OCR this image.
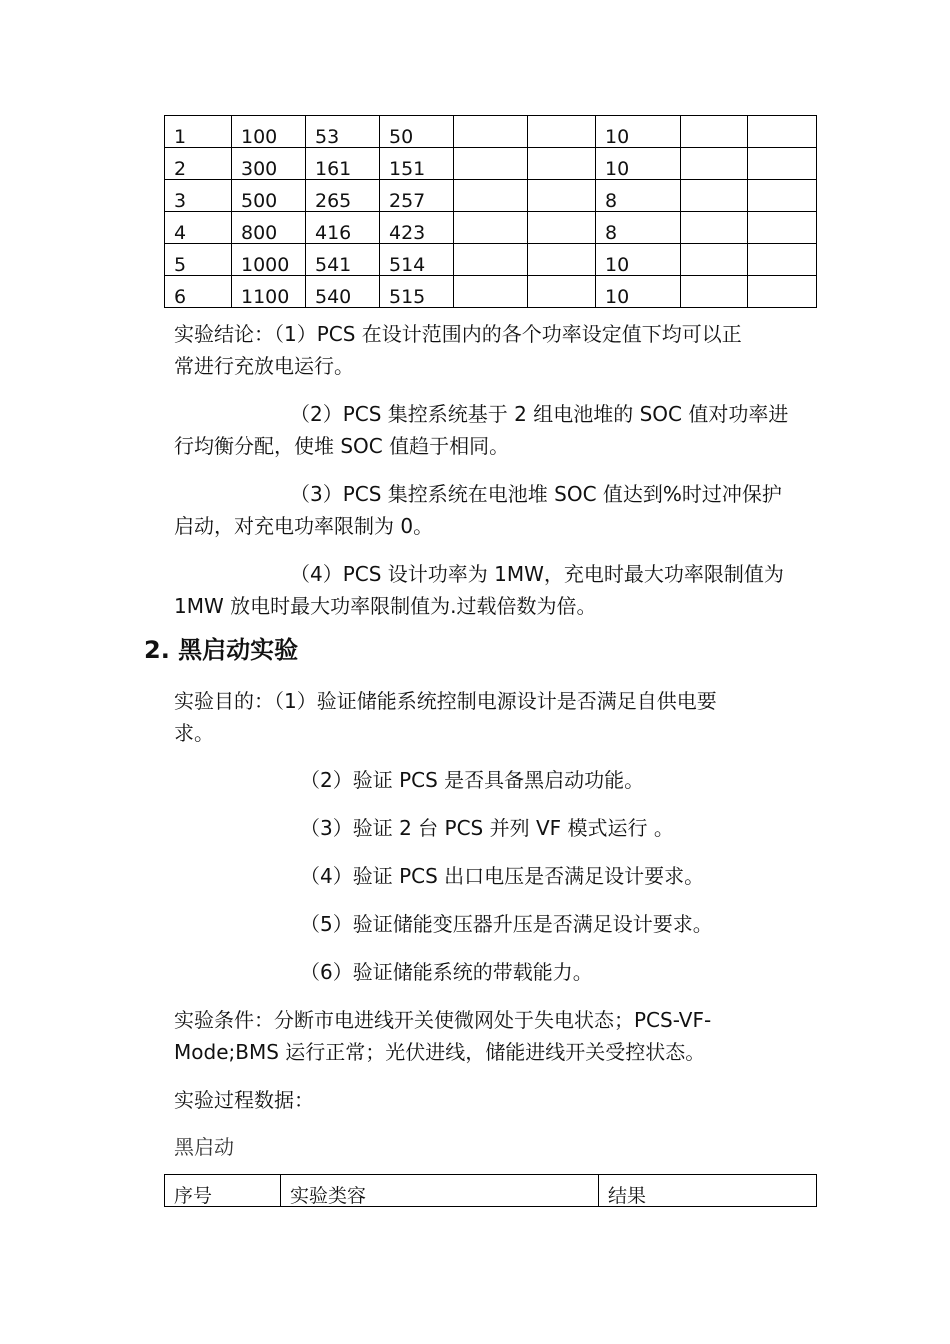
1	100	53	50			10		
2	300	161	151			10		
3	500	265	257			8		
4	800	416	423			8		
5	1000	541	514			10		
6	1100	540	515			10		

实验结论：（1）PCS 在设计范围内的各个功率设定值下均可以正

常进行充放电运行。

（2）PCS 集控系统基于 2 组电池堆的 SOC 值对功率进

行均衡分配，使堆 SOC 值趋于相同。

（3）PCS 集控系统在电池堆 SOC 值达到%时过冲保护

启动，对充电功率限制为 0。

（4）PCS 设计功率为 1MW，充电时最大功率限制值为

1MW 放电时最大功率限制值为.过载倍数为倍。

2. 黑启动实验

实验目的：（1）验证储能系统控制电源设计是否满足自供电要

求。

（2）验证 PCS 是否具备黑启动功能。

（3）验证 2 台 PCS 并列 VF 模式运行 。

（4）验证 PCS 出口电压是否满足设计要求。

（5）验证储能变压器升压是否满足设计要求。

（6）验证储能系统的带载能力。

实验条件：分断市电进线开关使微网处于失电状态；PCS-VF-

Mode;BMS 运行正常；光伏进线，储能进线开关受控状态。

实验过程数据：

黑启动

序号	实验类容	结果
